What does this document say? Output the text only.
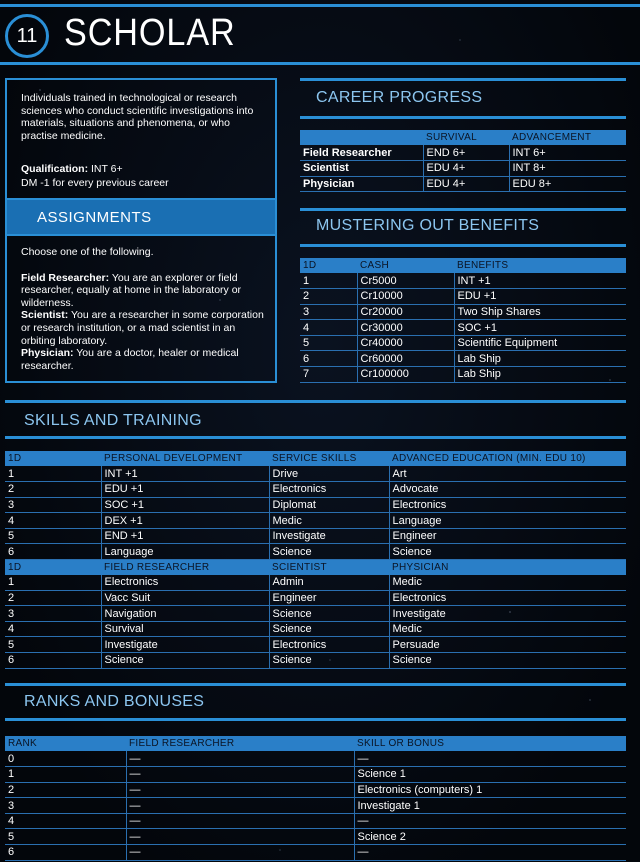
11 SCHOLAR
Individuals trained in technological or research sciences who conduct scientific investigations into materials, situations and phenomena, or who practise medicine.
Qualification: INT 6+
DM -1 for every previous career
ASSIGNMENTS
Choose one of the following.
Field Researcher: You are an explorer or field researcher, equally at home in the laboratory or wilderness.
Scientist: You are a researcher in some corporation or research institution, or a mad scientist in an orbiting laboratory.
Physician: You are a doctor, healer or medical researcher.
CAREER PROGRESS
	SURVIVAL	ADVANCEMENT
Field Researcher	END 6+	INT 6+
Scientist	EDU 4+	INT 8+
Physician	EDU 4+	EDU 8+
MUSTERING OUT BENEFITS
1D	CASH	BENEFITS
1	Cr5000	INT +1
2	Cr10000	EDU +1
3	Cr20000	Two Ship Shares
4	Cr30000	SOC +1
5	Cr40000	Scientific Equipment
6	Cr60000	Lab Ship
7	Cr100000	Lab Ship
SKILLS AND TRAINING
1D	PERSONAL DEVELOPMENT	SERVICE SKILLS	ADVANCED EDUCATION (MIN. EDU 10)
1	INT +1	Drive	Art
2	EDU +1	Electronics	Advocate
3	SOC +1	Diplomat	Electronics
4	DEX +1	Medic	Language
5	END +1	Investigate	Engineer
6	Language	Science	Science
1D	FIELD RESEARCHER	SCIENTIST	PHYSICIAN
1	Electronics	Admin	Medic
2	Vacc Suit	Engineer	Electronics
3	Navigation	Science	Investigate
4	Survival	Science	Medic
5	Investigate	Electronics	Persuade
6	Science	Science	Science
RANKS AND BONUSES
RANK	FIELD RESEARCHER	SKILL OR BONUS
0	—	—
1	—	Science 1
2	—	Electronics (computers) 1
3	—	Investigate 1
4	—	—
5	—	Science 2
6	—	—
